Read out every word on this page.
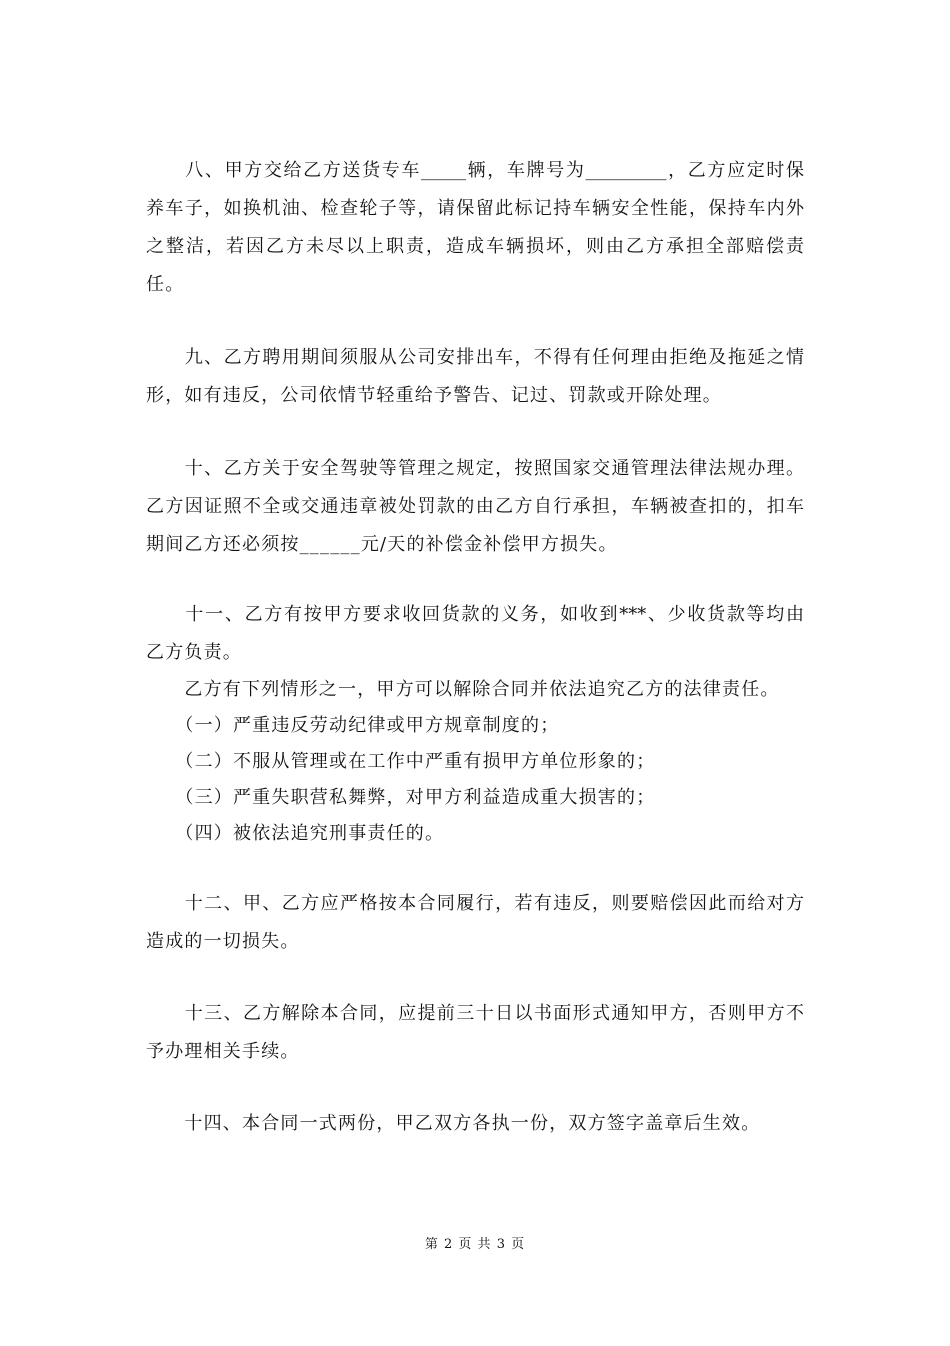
　　八、甲方交给乙方送货专车_____辆，车牌号为_________，乙方应定时保
养车子，如换机油、检查轮子等，请保留此标记持车辆安全性能，保持车内外
之整洁，若因乙方未尽以上职责，造成车辆损坏，则由乙方承担全部赔偿责
任。
　　九、乙方聘用期间须服从公司安排出车，不得有任何理由拒绝及拖延之情
形，如有违反，公司依情节轻重给予警告、记过、罚款或开除处理。
　　十、乙方关于安全驾驶等管理之规定，按照国家交通管理法律法规办理。
乙方因证照不全或交通违章被处罚款的由乙方自行承担，车辆被查扣的，扣车
期间乙方还必须按______元/天的补偿金补偿甲方损失。
　　十一、乙方有按甲方要求收回货款的义务，如收到***、少收货款等均由
乙方负责。
　　乙方有下列情形之一，甲方可以解除合同并依法追究乙方的法律责任。
　　（一）严重违反劳动纪律或甲方规章制度的；
　　（二）不服从管理或在工作中严重有损甲方单位形象的；
　　（三）严重失职营私舞弊，对甲方利益造成重大损害的；
　　（四）被依法追究刑事责任的。
　　十二、甲、乙方应严格按本合同履行，若有违反，则要赔偿因此而给对方
造成的一切损失。
　　十三、乙方解除本合同，应提前三十日以书面形式通知甲方，否则甲方不
予办理相关手续。
　　十四、本合同一式两份，甲乙双方各执一份，双方签字盖章后生效。
第 2 页 共 3 页
